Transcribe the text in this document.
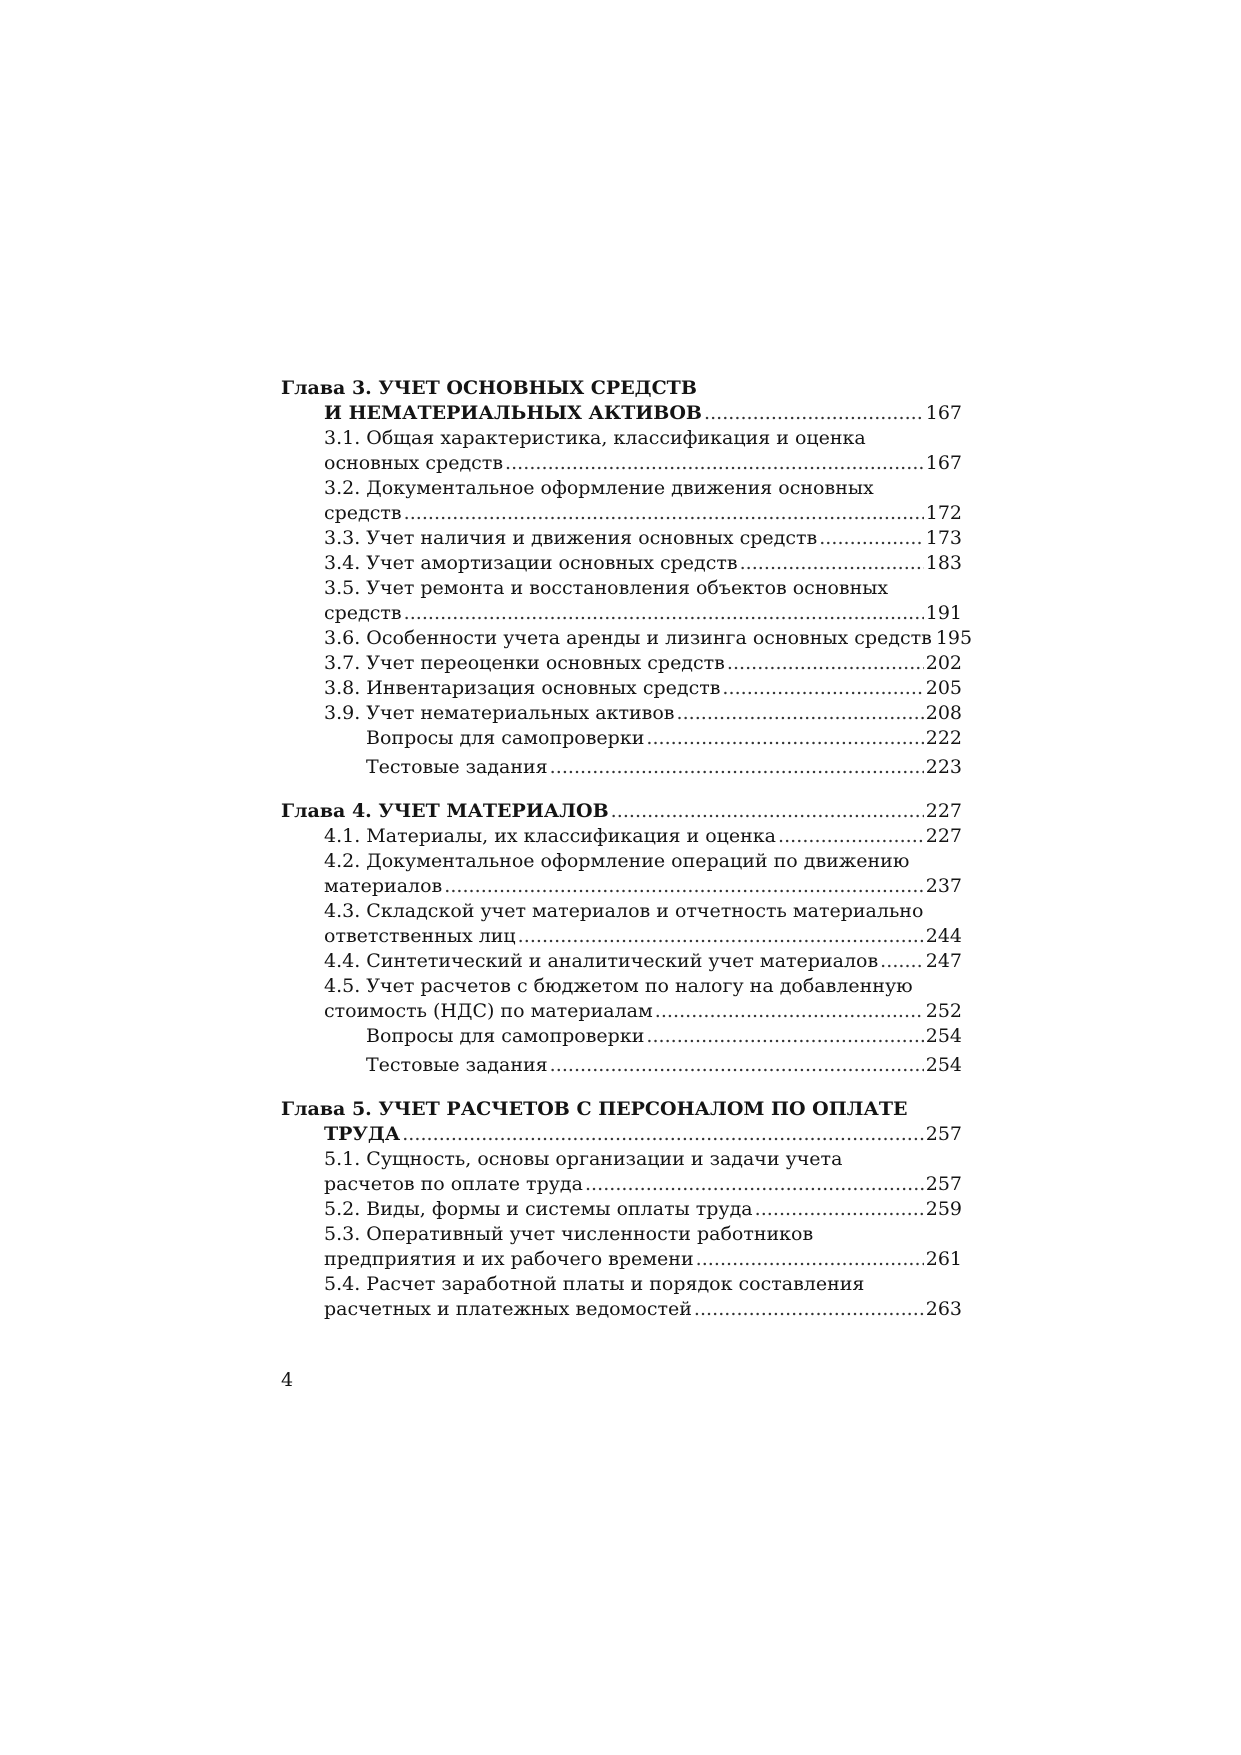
Глава 3. УЧЕТ ОСНОВНЫХ СРЕДСТВ
И НЕМАТЕРИАЛЬНЫХ АКТИВОВ . . .	167
3.1. Общая характеристика, классификация и оценка
основных средств . . .	167
3.2. Документальное оформление движения основных
средств . . .	172
3.3. Учет наличия и движения основных средств . . .	173
3.4. Учет амортизации основных средств . . .	183
3.5. Учет ремонта и восстановления объектов основных
средств . . .	191
3.6. Особенности учета аренды и лизинга основных средств 195
3.7. Учет переоценки основных средств . . .	202
3.8. Инвентаризация основных средств . . .	205
3.9. Учет нематериальных активов . . .	208
Вопросы для самопроверки . . .	222
Тестовые задания . . .	223
Глава 4. УЧЕТ МАТЕРИАЛОВ . . .	227
4.1. Материалы, их классификация и оценка . . .	227
4.2. Документальное оформление операций по движению
материалов . . .	237
4.3. Складской учет материалов и отчетность материально
ответственных лиц . . .	244
4.4. Синтетический и аналитический учет материалов . . .	247
4.5. Учет расчетов с бюджетом по налогу на добавленную
стоимость (НДС) по материалам . . .	252
Вопросы для самопроверки . . .	254
Тестовые задания . . .	254
Глава 5. УЧЕТ РАСЧЕТОВ С ПЕРСОНАЛОМ ПО ОПЛАТЕ
ТРУДА . . .	257
5.1. Сущность, основы организации и задачи учета
расчетов по оплате труда . . .	257
5.2. Виды, формы и системы оплаты труда . . .	259
5.3. Оперативный учет численности работников
предприятия и их рабочего времени . . .	261
5.4. Расчет заработной платы и порядок составления
расчетных и платежных ведомостей . . .	263
4
